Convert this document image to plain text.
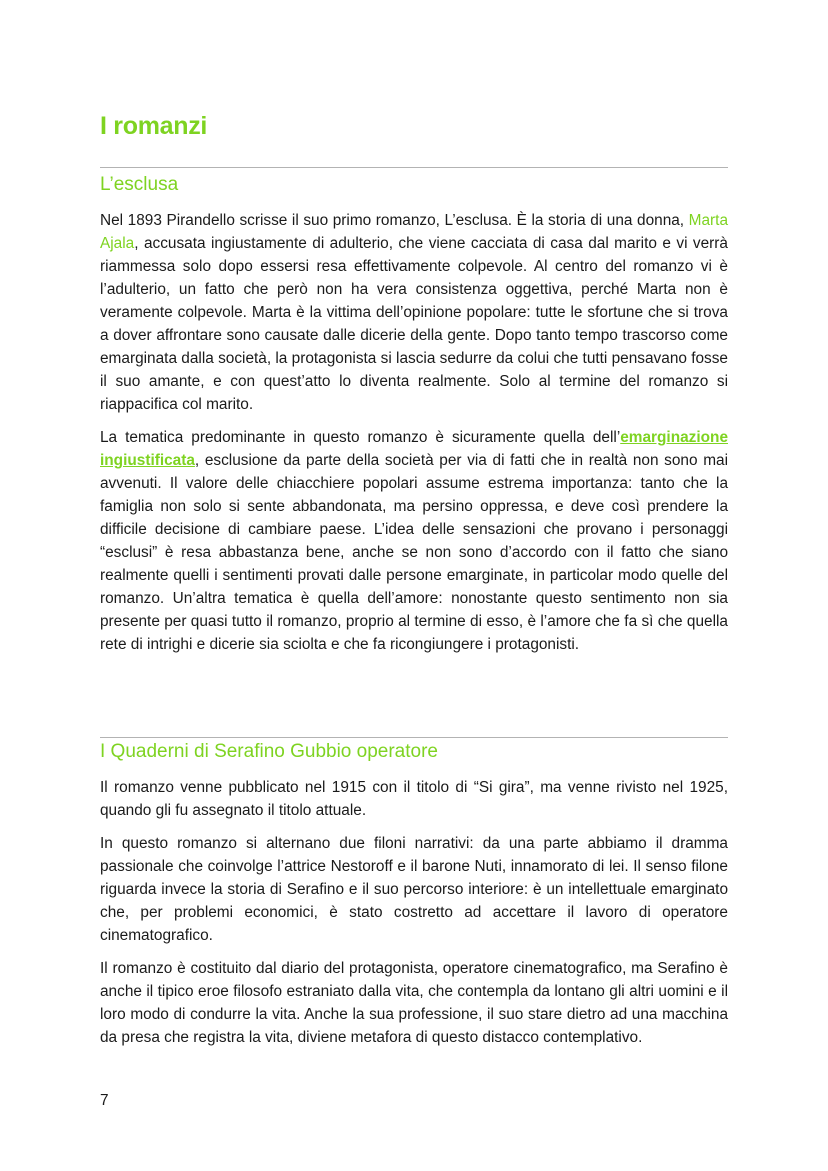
I romanzi
L’esclusa

Nel 1893 Pirandello scrisse il suo primo romanzo, L’esclusa. È la storia di una donna, Marta Ajala, accusata ingiustamente di adulterio, che viene cacciata di casa dal marito e vi verrà riammessa solo dopo essersi resa effettivamente colpevole. Al centro del romanzo vi è l’adulterio, un fatto che però non ha vera consistenza oggettiva, perché Marta non è veramente colpevole. Marta è la vittima dell’opinione popolare: tutte le sfortune che si trova a dover affrontare sono causate dalle dicerie della gente. Dopo tanto tempo trascorso come emarginata dalla società, la protagonista si lascia sedurre da colui che tutti pensavano fosse il suo amante, e con quest’atto lo diventa realmente. Solo al termine del romanzo si riappacifica col marito.

La tematica predominante in questo romanzo è sicuramente quella dell’emarginazione ingiustificata, esclusione da parte della società per via di fatti che in realtà non sono mai avvenuti. Il valore delle chiacchiere popolari assume estrema importanza: tanto che la famiglia non solo si sente abbandonata, ma persino oppressa, e deve così prendere la difficile decisione di cambiare paese. L’idea delle sensazioni che provano i personaggi “esclusi” è resa abbastanza bene, anche se non sono d’accordo con il fatto che siano realmente quelli i sentimenti provati dalle persone emarginate, in particolar modo quelle del romanzo. Un’altra tematica è quella dell’amore: nonostante questo sentimento non sia presente per quasi tutto il romanzo, proprio al termine di esso, è l’amore che fa sì che quella rete di intrighi e dicerie sia sciolta e che fa ricongiungere i protagonisti.

I Quaderni di Serafino Gubbio operatore

Il romanzo venne pubblicato nel 1915 con il titolo di “Si gira”, ma venne rivisto nel 1925, quando gli fu assegnato il titolo attuale.

In questo romanzo si alternano due filoni narrativi: da una parte abbiamo il dramma passionale che coinvolge l’attrice Nestoroff e il barone Nuti, innamorato di lei. Il senso filone riguarda invece la storia di Serafino e il suo percorso interiore: è un intellettuale emarginato che, per problemi economici, è stato costretto ad accettare il lavoro di operatore cinematografico.

Il romanzo è costituito dal diario del protagonista, operatore cinematografico, ma Serafino è anche il tipico eroe filosofo estraniato dalla vita, che contempla da lontano gli altri uomini e il loro modo di condurre la vita. Anche la sua professione, il suo stare dietro ad una macchina da presa che registra la vita, diviene metafora di questo distacco contemplativo.

7
